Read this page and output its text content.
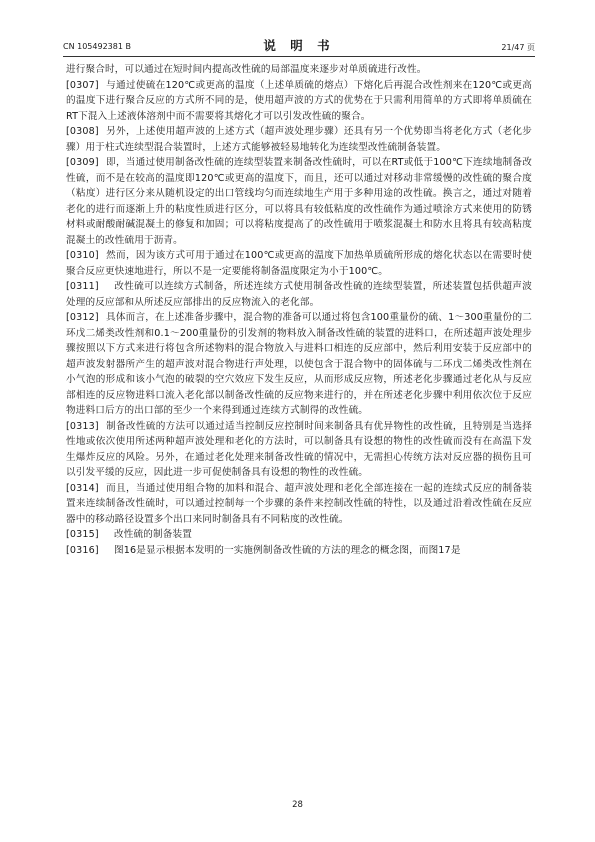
CN 105492381 B	说 明 书	21/47 页

进行聚合时，可以通过在短时间内提高改性硫的局部温度来逐步对单质硫进行改性。

[0307] 与通过使硫在120℃或更高的温度（上述单质硫的熔点）下熔化后再混合改性剂来在120℃或更高的温度下进行聚合反应的方式所不同的是，使用超声波的方式的优势在于只需利用简单的方式即将单质硫在RT下混入上述液体溶剂中而不需要将其熔化才可以引发改性硫的聚合。

[0308] 另外，上述使用超声波的上述方式（超声波处理步骤）还具有另一个优势即当将老化方式（老化步骤）用于柱式连续型混合装置时，上述方式能够被轻易地转化为连续型改性硫制备装置。

[0309] 即，当通过使用制备改性硫的连续型装置来制备改性硫时，可以在RT或低于100℃下连续地制备改性硫，而不是在较高的温度即120℃或更高的温度下，而且，还可以通过对移动非常缓慢的改性硫的聚合度（粘度）进行区分来从随机设定的出口管线均匀而连续地生产用于多种用途的改性硫。换言之，通过对随着老化的进行而逐渐上升的粘度性质进行区分，可以将具有较低粘度的改性硫作为通过喷涂方式来使用的防锈材料或耐酸耐碱混凝土的修复和加固；可以将粘度提高了的改性硫用于喷浆混凝土和防水且将具有较高粘度混凝土的改性硫用于沥青。

[0310] 然而，因为该方式可用于通过在100℃或更高的温度下加热单质硫所形成的熔化状态以在需要时使聚合反应更快速地进行，所以不是一定要能将制备温度限定为小于100℃。

[0311] 改性硫可以连续方式制备，所述连续方式使用制备改性硫的连续型装置，所述装置包括供超声波处理的反应部和从所述反应部排出的反应物流入的老化部。

[0312] 具体而言，在上述准备步骤中，混合物的准备可以通过将包含100重量份的硫、1～300重量份的二环戊二烯类改性剂和0.1～200重量份的引发剂的物料放入制备改性硫的装置的进料口，在所述超声波处理步骤按照以下方式来进行将包含所述物料的混合物放入与进料口相连的反应部中，然后利用安装于反应部中的超声波发射器所产生的超声波对混合物进行声处理，以使包含于混合物中的固体硫与二环戊二烯类改性剂在小气泡的形成和该小气泡的破裂的空穴效应下发生反应，从而形成反应物，所述老化步骤通过老化从与反应部相连的反应物进料口流入老化部以制备改性硫的反应物来进行的，并在所述老化步骤中利用依次位于反应物进料口后方的出口部的至少一个来得到通过连续方式制得的改性硫。

[0313] 制备改性硫的方法可以通过适当控制反应控制时间来制备具有优异物性的改性硫，且特别是当选择性地或依次使用所述两种超声波处理和老化的方法时，可以制备具有设想的物性的改性硫而没有在高温下发生爆炸反应的风险。另外，在通过老化处理来制备改性硫的情况中，无需担心传统方法对反应器的损伤且可以引发平缓的反应，因此进一步可促使制备具有设想的物性的改性硫。

[0314] 而且，当通过使用组合物的加料和混合、超声波处理和老化全部连接在一起的连续式反应的制备装置来连续制备改性硫时，可以通过控制每一个步骤的条件来控制改性硫的特性，以及通过沿着改性硫在反应器中的移动路径设置多个出口来同时制备具有不同粘度的改性硫。

[0315] 改性硫的制备装置

[0316] 图16是显示根据本发明的一实施例制备改性硫的方法的理念的概念图，而图17是

28
